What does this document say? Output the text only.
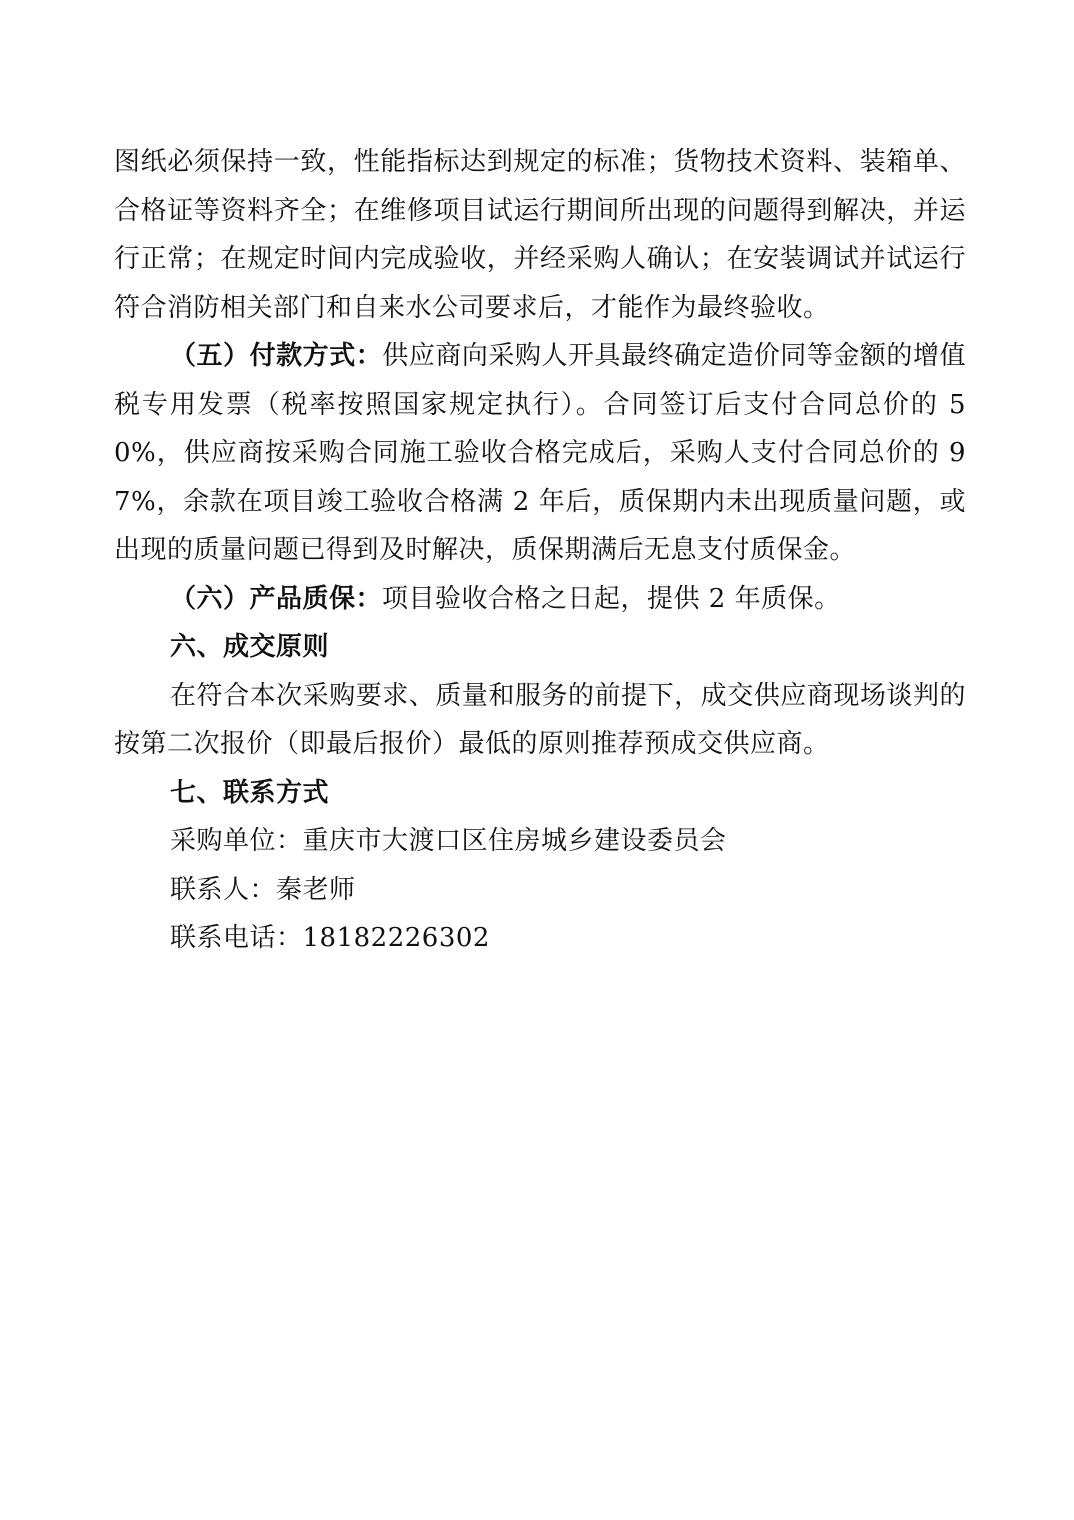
图纸必须保持一致，性能指标达到规定的标准；货物技术资料、装箱单、合格证等资料齐全；在维修项目试运行期间所出现的问题得到解决，并运行正常；在规定时间内完成验收，并经采购人确认；在安装调试并试运行符合消防相关部门和自来水公司要求后，才能作为最终验收。

（五）付款方式：供应商向采购人开具最终确定造价同等金额的增值税专用发票（税率按照国家规定执行）。合同签订后支付合同总价的 50%，供应商按采购合同施工验收合格完成后，采购人支付合同总价的 97%，余款在项目竣工验收合格满 2 年后，质保期内未出现质量问题，或出现的质量问题已得到及时解决，质保期满后无息支付质保金。

（六）产品质保：项目验收合格之日起，提供 2 年质保。

六、成交原则

在符合本次采购要求、质量和服务的前提下，成交供应商现场谈判的按第二次报价（即最后报价）最低的原则推荐预成交供应商。

七、联系方式

采购单位：重庆市大渡口区住房城乡建设委员会

联系人：秦老师

联系电话：18182226302
